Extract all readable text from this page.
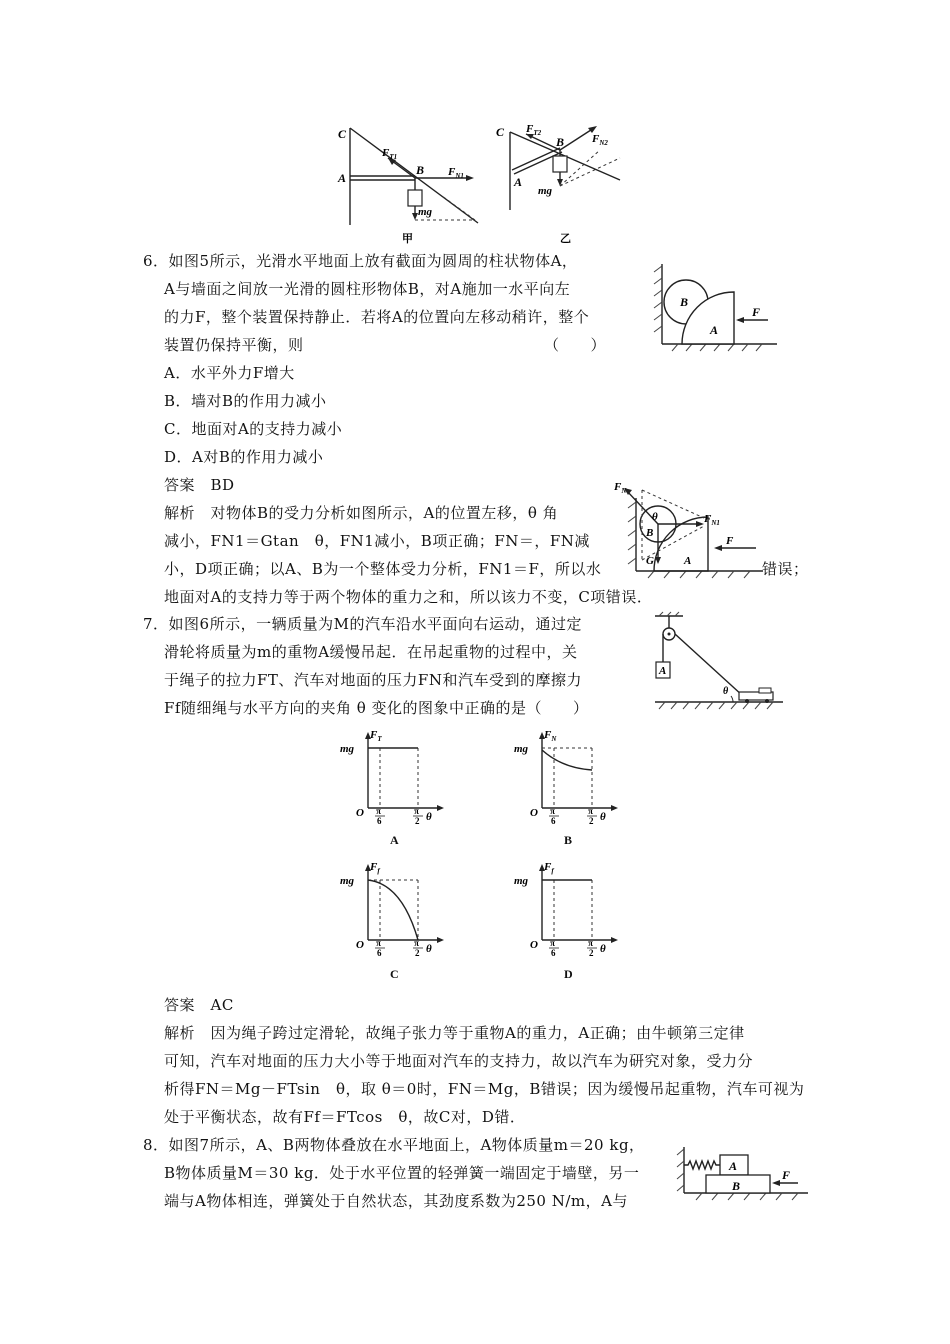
C
A
B
$F_{T1}$
$F_{N1}$
mg
甲
C
A
B
$F_{T2}$	$F_{N2}$
mg
乙
6．如图5所示，光滑水平地面上放有截面为圆周的柱状物体A，
A与墙面之间放一光滑的圆柱形物体B，对A施加一水平向左
的力F，整个装置保持静止．若将A的位置向左移动稍许，整个
装置仍保持平衡，则　　　　　　　　　　　　　　　　（　　）
A．水平外力F增大
B．墙对B的作用力减小
C．地面对A的支持力减小
D．A对B的作用力减小
答案　BD
解析　对物体B的受力分析如图所示，A的位置左移，θ 角
减小，FN1＝Gtan　θ，FN1减小，B项正确；FN＝，FN减
小，D项正确；以A、B为一个整体受力分析，FN1＝F，所以水	错误；
地面对A的支持力等于两个物体的重力之和，所以该力不变，C项错误．
B
A
F
$F_N$
θ
B
G
$F_{N1}$
A
F
7．如图6所示，一辆质量为M的汽车沿水平面向右运动，通过定
滑轮将质量为m的重物A缓慢吊起．在吊起重物的过程中，关
于绳子的拉力FT、汽车对地面的压力FN和汽车受到的摩擦力
Ff随细绳与水平方向的夹角 θ 变化的图象中正确的是（　　）
A
θ
$F_T$
mg
O	θ
π
6
π
2
A
$F_N$
mg
O	θ
π
6
π
2
B
$F_f$
mg
O	θ
π
6
π
2
C
$F_f$
mg
O	θ
π
6
π
2
D
答案　AC
解析　因为绳子跨过定滑轮，故绳子张力等于重物A的重力，A正确；由牛顿第三定律
可知，汽车对地面的压力大小等于地面对汽车的支持力，故以汽车为研究对象，受力分
析得FN＝Mg－FTsin　θ，取 θ＝0时，FN＝Mg，B错误；因为缓慢吊起重物，汽车可视为
处于平衡状态，故有Ff＝FTcos　θ，故C对，D错．
8．如图7所示，A、B两物体叠放在水平地面上，A物体质量m＝20 kg，
B物体质量M＝30 kg．处于水平位置的轻弹簧一端固定于墙壁，另一
端与A物体相连，弹簧处于自然状态，其劲度系数为250 N/m，A与
A
B
F
